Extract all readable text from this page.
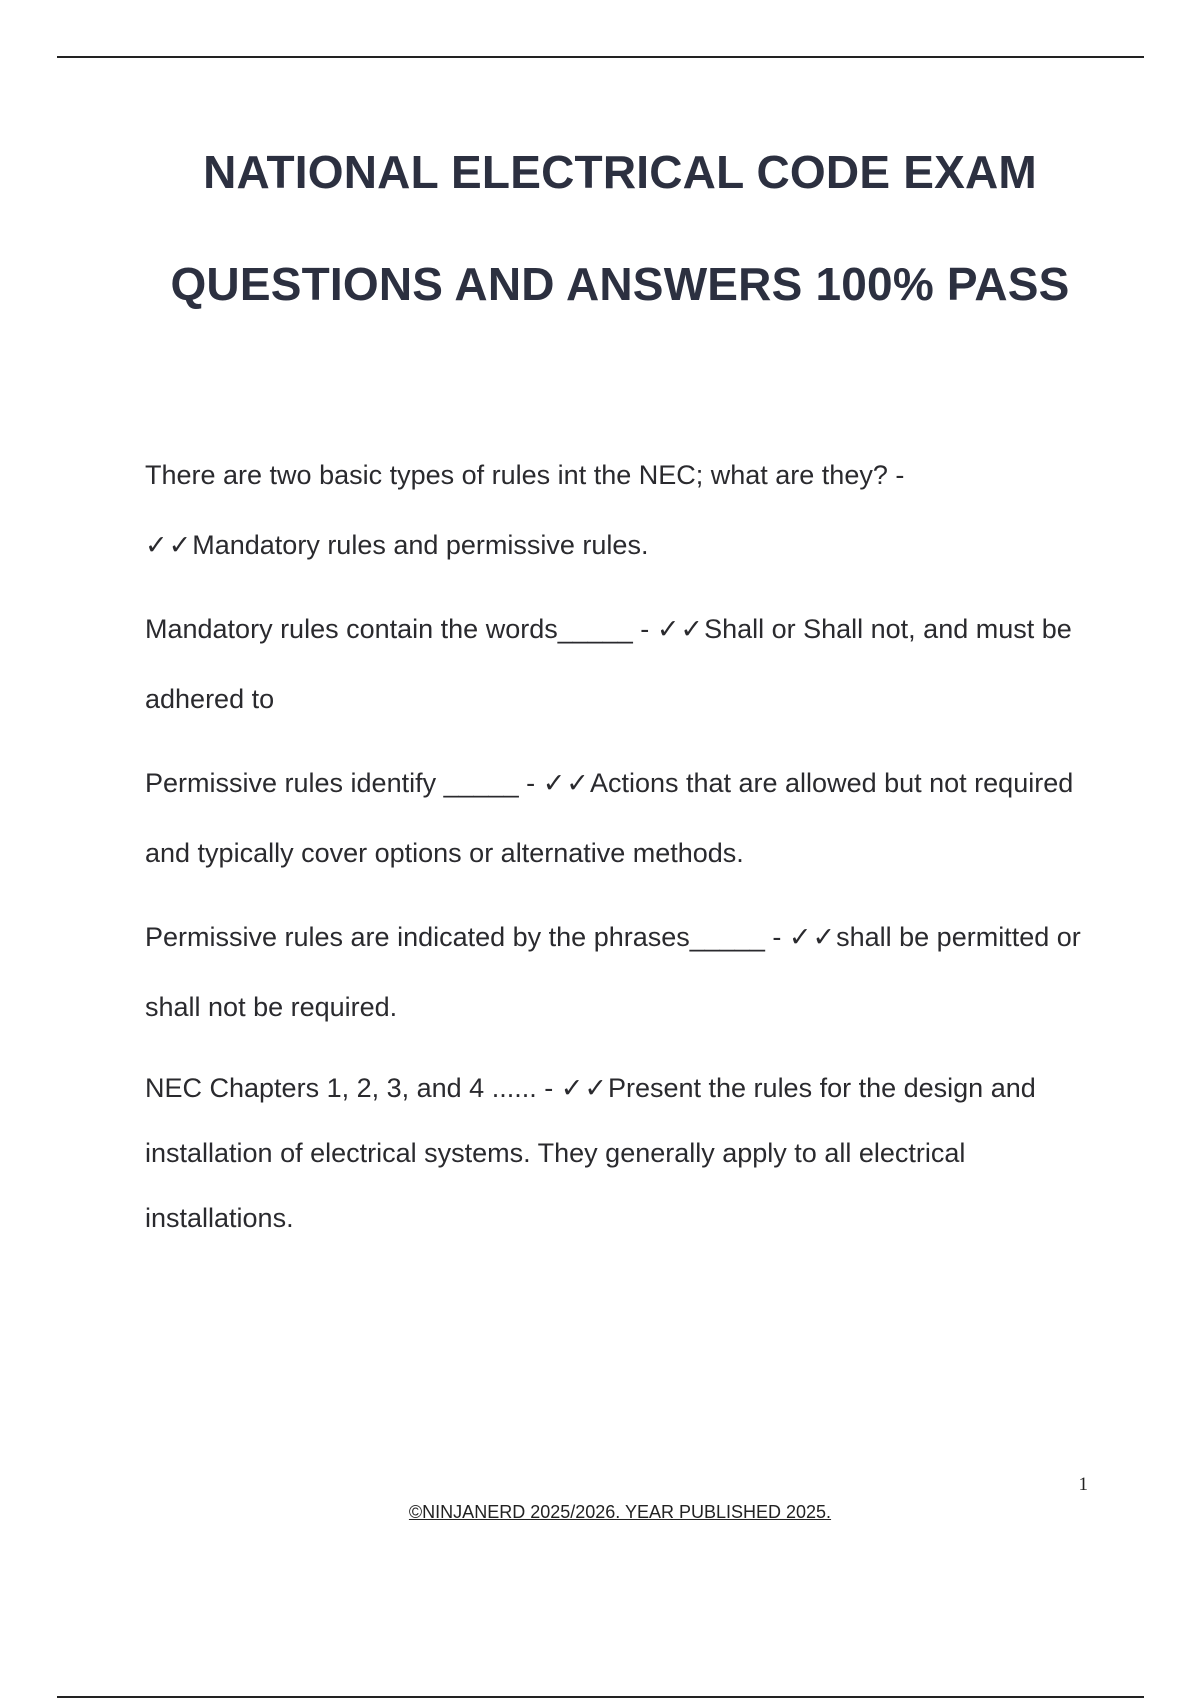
NATIONAL ELECTRICAL CODE EXAM
QUESTIONS AND ANSWERS 100% PASS

There are two basic types of rules int the NEC; what are they? -
✓✓Mandatory rules and permissive rules.

Mandatory rules contain the words_____ - ✓✓Shall or Shall not, and must be adhered to

Permissive rules identify _____ - ✓✓Actions that are allowed but not required and typically cover options or alternative methods.

Permissive rules are indicated by the phrases_____ - ✓✓shall be permitted or shall not be required.

NEC Chapters 1, 2, 3, and 4 ...... - ✓✓Present the rules for the design and installation of electrical systems. They generally apply to all electrical installations.

1
©NINJANERD 2025/2026. YEAR PUBLISHED 2025.
